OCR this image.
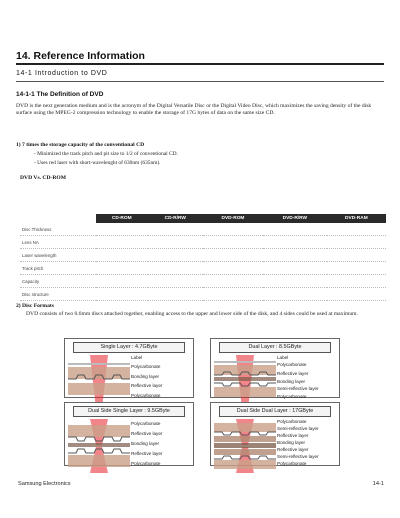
14. Reference Information
14-1 Introduction to DVD
14-1-1 The Definition of DVD
DVD is the next generation medium and is the acronym of the Digital Versatile Disc or the Digital Video Disc, which maximizes the saving density of the disk surface using the MPEG-2 compression technology to enable the storage of 17G bytes of data on the same size CD.
1) 7 times the storage capacity of the conventional CD
- Minimized the track pitch and pit size to 1/2 of conventional CD.
- Uses red laser with short-wavelenght of 630nm (635nm).
DVD Vs. CD-ROM
	CD-ROM	CD-R/RW	DVD-ROM	DVD-R/RW	DVD-RAM
Disc Thickness					
Lens NA					
Laser wavelength					
Track pitch					
Capacity					
Disc structure					
2) Disc Formats
DVD consists of two 0.6mm discs attached together, enabling access to the upper and lower side of the disk, and 4 sides could be used at maximum.
Single Layer : 4.7GByte
Label
Polycarbonate
Bonding layer
Reflective layer
Polycarbonate
Dual Layer : 8.5GByte
Label
Polycarbonate
Reflective layer
Bonding layer
Semi-reflective layer
Polycarbonate
Dual Side Single Layer : 9.5GByte
Polycarbonate
Reflective layer
Bonding layer
Reflective layer
Polycarbonate
Dual Side Dual Layer : 17GByte
Polycarbonate
Semi-reflective layer
Reflective layer
Bonding layer
Reflective layer
Semi-reflective layer
Polycarbonate
Samsung Electronics	14-1
